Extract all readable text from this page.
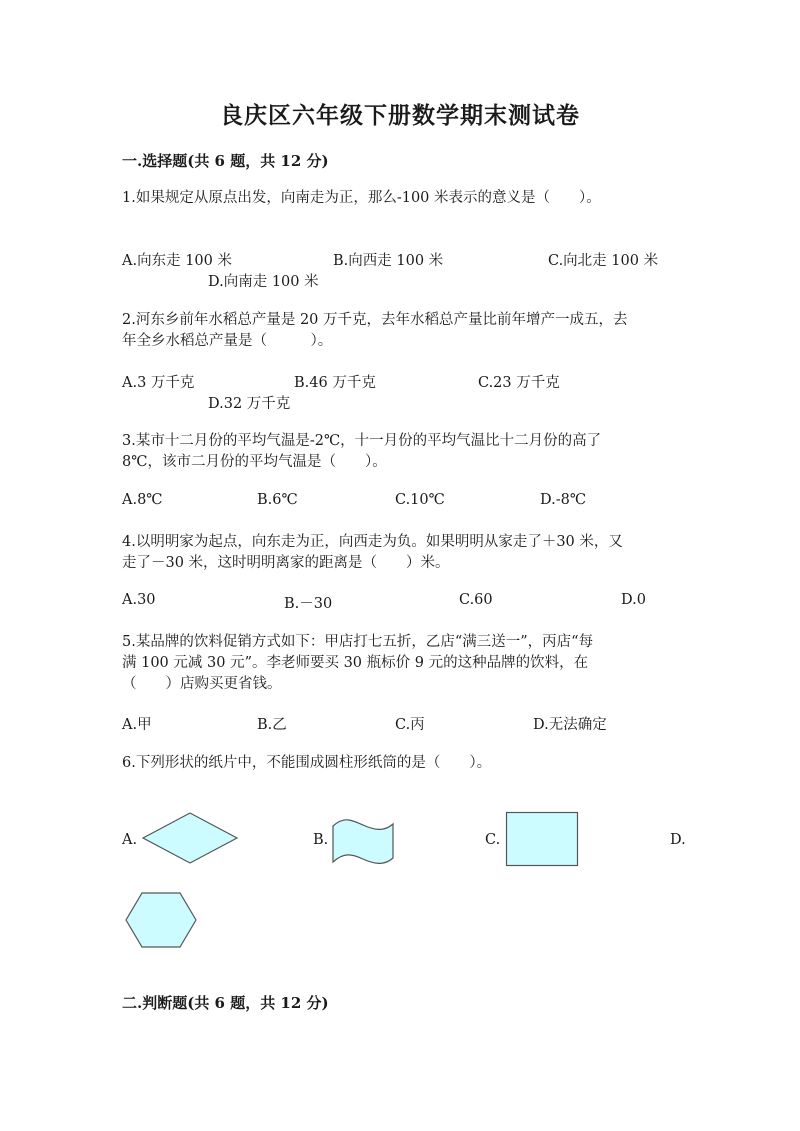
良庆区六年级下册数学期末测试卷
一.选择题(共 6 题，共 12 分)
1.如果规定从原点出发，向南走为正，那么-100 米表示的意义是（　　）。
A.向东走 100 米	B.向西走 100 米	C.向北走 100 米
D.向南走 100 米
2.河东乡前年水稻总产量是 20 万千克，去年水稻总产量比前年增产一成五，去
年全乡水稻总产量是（　　　）。
A.3 万千克	B.46 万千克	C.23 万千克
D.32 万千克
3.某市十二月份的平均气温是-2℃，十一月份的平均气温比十二月份的高了
8℃，该市二月份的平均气温是（　　）。
A.8℃	B.6℃	C.10℃	D.-8℃
4.以明明家为起点，向东走为正，向西走为负。如果明明从家走了＋30 米，又
走了－30 米，这时明明离家的距离是（　　）米。
A.30	B.－30	C.60	D.0
5.某品牌的饮料促销方式如下：甲店打七五折，乙店“满三送一”，丙店“每
满 100 元减 30 元”。李老师要买 30 瓶标价 9 元的这种品牌的饮料，在
（　　）店购买更省钱。
A.甲	B.乙	C.丙	D.无法确定
6.下列形状的纸片中，不能围成圆柱形纸筒的是（　　）。
A.	B.	C.	D.
二.判断题(共 6 题，共 12 分)
